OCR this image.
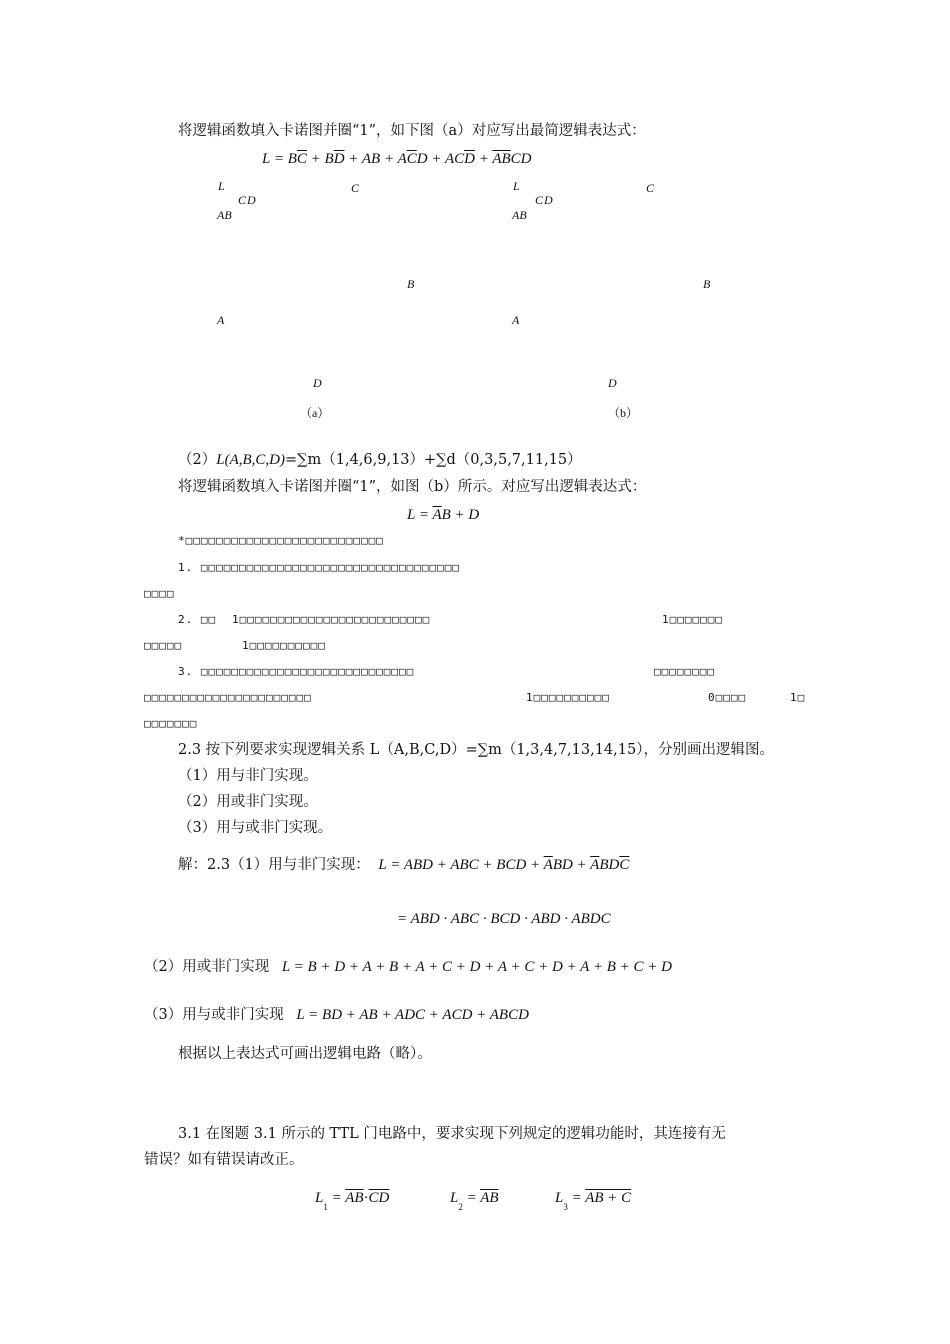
将逻辑函数填入卡诺图并圈“1”，如下图（a）对应写出最简逻辑表达式：
$L = B\overline{C} + B\overline{D}$ + AB + $A\overline{C}D + AC\overline{D} + \overline{AB}CD$
L
CD
AB
C
B
A
D
（a）
L
CD
AB
C
B
A
D
（b）
（2）L(A,B,C,D)=∑m（1,4,6,9,13）+∑d（0,3,5,7,11,15）
将逻辑函数填入卡诺图并圈“1”，如图（b）所示。对应写出逻辑表达式：
$L = \overline{A}B + D$
*□□□□□□□□□□□□□□□□□□□□□□□□□□
1. □□□□□□□□□□□□□□□□□□□□□□□□□□□□□□□□□□
□□□□
2. □□ 1□□□□□□□□□□□□□□□□□□□□□□□□□	1□□□□□□□
□□□□□	1□□□□□□□□□□
3. □□□□□□□□□□□□□□□□□□□□□□□□□□□□	□□□□□□□□
□□□□□□□□□□□□□□□□□□□□□□	1□□□□□□□□□□	0□□□□	1□
□□□□□□□
2.3 按下列要求实现逻辑关系 L（A,B,C,D）=∑m（1,3,4,7,13,14,15），分别画出逻辑图。
（1）用与非门实现。
（2）用或非门实现。
（3）用与或非门实现。
解：2.3（1）用与非门实现： L = ABD + ABC + BCD + $\overline{A}BD + \overline{A}BD\overline{C}$
= ABD · ABC · BCD · ABD · ABDC
（2）用或非门实现 L = B + D + A + B + A + C + D + A + C + D + A + B + C + D
（3）用与或非门实现 L = BD + AB + ADC + ACD + ABCD
根据以上表达式可画出逻辑电路（略）。
3.1 在图题 3.1 所示的 TTL 门电路中，要求实现下列规定的逻辑功能时，其连接有无
错误？如有错误请改正。
$L_1 = \overline{AB}\cdot\overline{CD}$	$L_2 = \overline{AB}$	$L_3$ = AB + C
